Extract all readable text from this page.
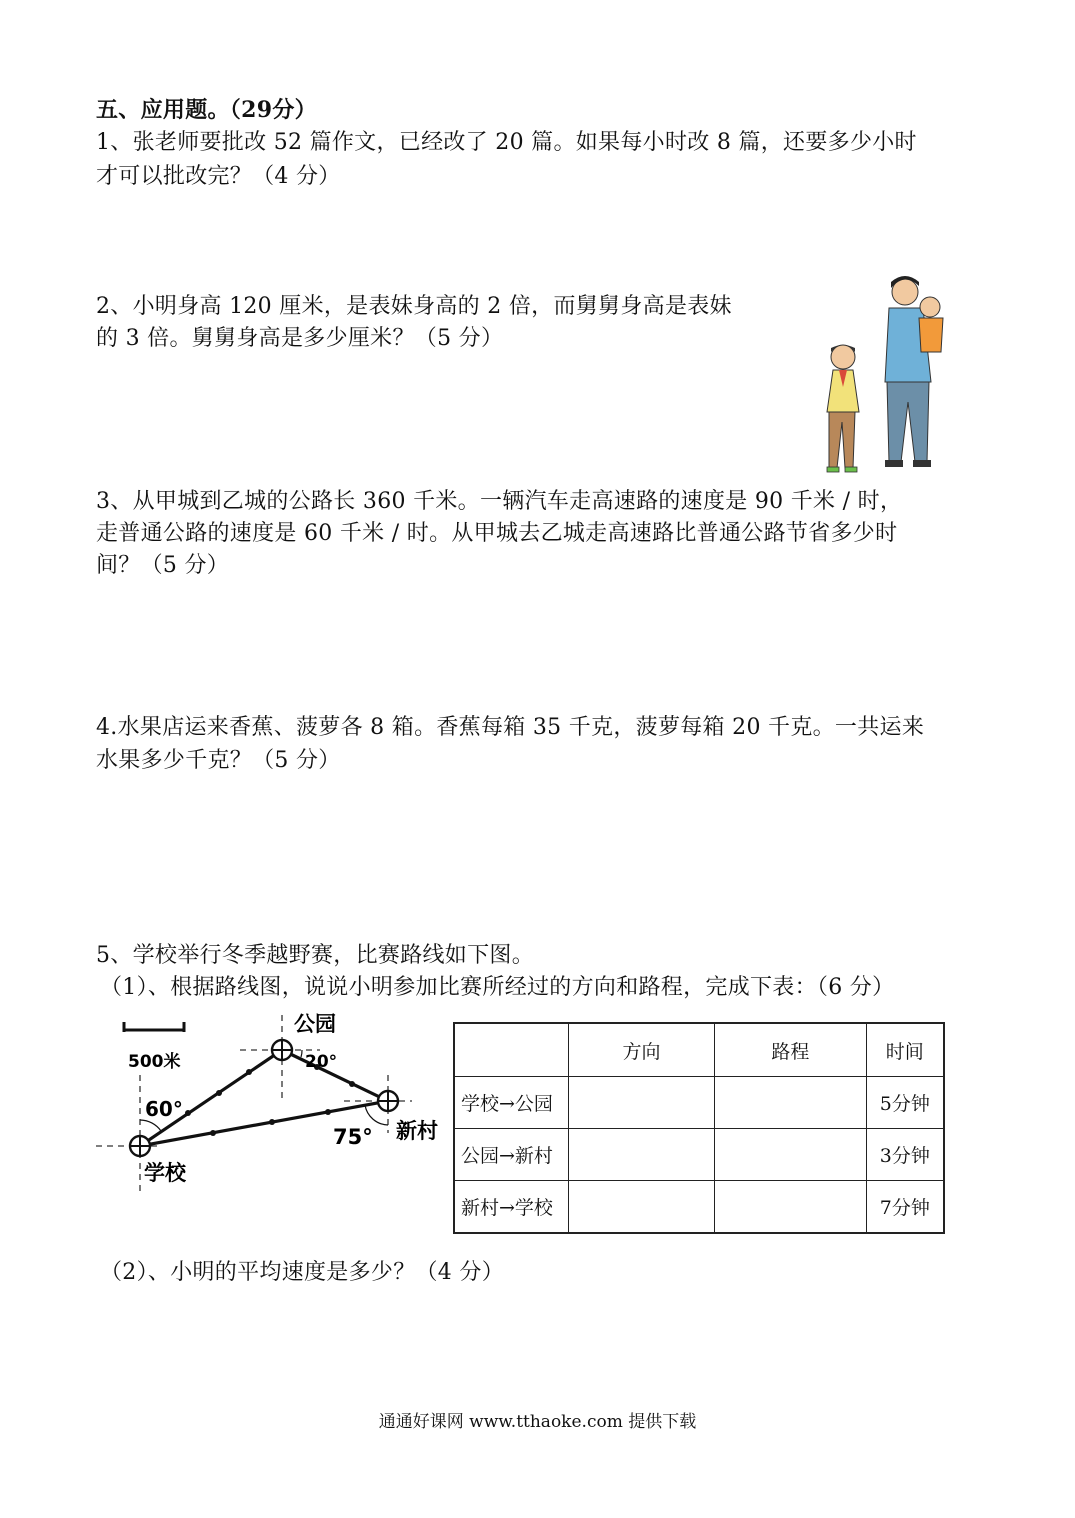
五、应用题。（29分）
1、张老师要批改 52 篇作文，已经改了 20 篇。如果每小时改 8 篇，还要多少小时
才可以批改完？（4 分）
2、小明身高 120 厘米，是表妹身高的 2 倍，而舅舅身高是表妹
的 3 倍。舅舅身高是多少厘米？（5 分）
3、从甲城到乙城的公路长 360 千米。一辆汽车走高速路的速度是 90 千米 / 时，
走普通公路的速度是 60 千米 / 时。从甲城去乙城走高速路比普通公路节省多少时
间？（5 分）
4.水果店运来香蕉、菠萝各 8 箱。香蕉每箱 35 千克，菠萝每箱 20 千克。一共运来
水果多少千克？（5 分）
5、学校举行冬季越野赛，比赛路线如下图。
（1）、根据路线图，说说小明参加比赛所经过的方向和路程，完成下表：（6 分）
500米
60°
20°
75°
公园
新村
学校
	方向	路程	时间
学校→公园			5分钟
公园→新村			3分钟
新村→学校			7分钟
（2）、小明的平均速度是多少？（4 分）
通通好课网 www.tthaoke.com 提供下载
